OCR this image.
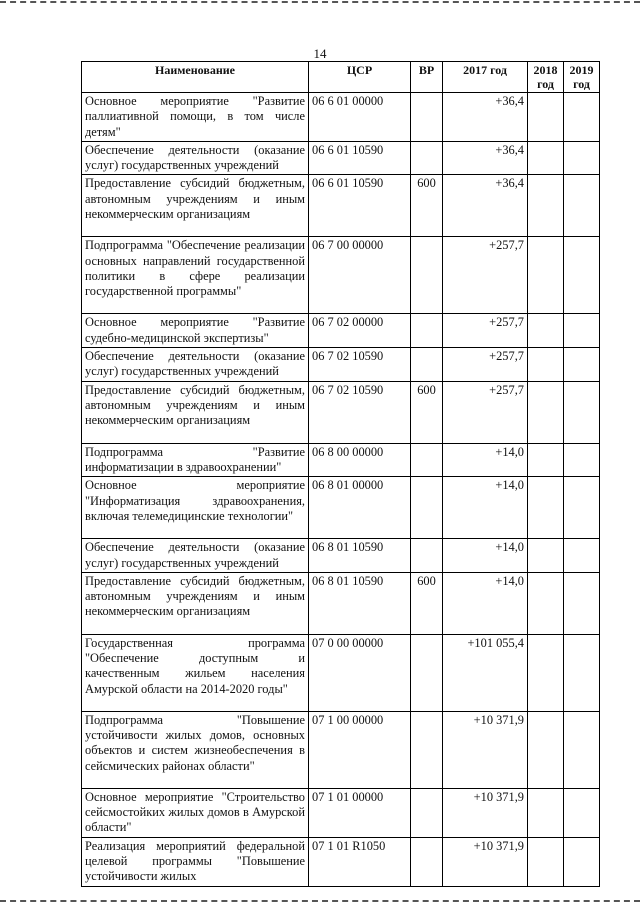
14
Наименование	ЦСР	ВР	2017 год	2018 год	2019 год
Основное мероприятие "Развитие паллиативной помощи, в том числе детям"	06 6 01 00000		+36,4		
Обеспечение деятельности (оказание услуг) государственных учреждений	06 6 01 10590		+36,4		
Предоставление субсидий бюджетным, автономным учреждениям и иным некоммерческим организациям	06 6 01 10590	600	+36,4		
Подпрограмма "Обеспечение реализации основных направлений государственной политики в сфере реализации государственной программы"	06 7 00 00000		+257,7		
Основное мероприятие "Развитие судебно-медицинской экспертизы"	06 7 02 00000		+257,7		
Обеспечение деятельности (оказание услуг) государственных учреждений	06 7 02 10590		+257,7		
Предоставление субсидий бюджетным, автономным учреждениям и иным некоммерческим организациям	06 7 02 10590	600	+257,7		
Подпрограмма "Развитие информатизации в здравоохранении"	06 8 00 00000		+14,0		
Основное мероприятие "Информатизация здравоохранения, включая телемедицинские технологии"	06 8 01 00000		+14,0		
Обеспечение деятельности (оказание услуг) государственных учреждений	06 8 01 10590		+14,0		
Предоставление субсидий бюджетным, автономным учреждениям и иным некоммерческим организациям	06 8 01 10590	600	+14,0		
Государственная программа "Обеспечение доступным и качественным жильем населения Амурской области на 2014-2020 годы"	07 0 00 00000		+101 055,4		
Подпрограмма "Повышение устойчивости жилых домов, основных объектов и систем жизнеобеспечения в сейсмических районах области"	07 1 00 00000		+10 371,9		
Основное мероприятие "Строительство сейсмостойких жилых домов в Амурской области"	07 1 01 00000		+10 371,9		
Реализация мероприятий федеральной целевой программы "Повышение устойчивости жилых	07 1 01 R1050		+10 371,9		
